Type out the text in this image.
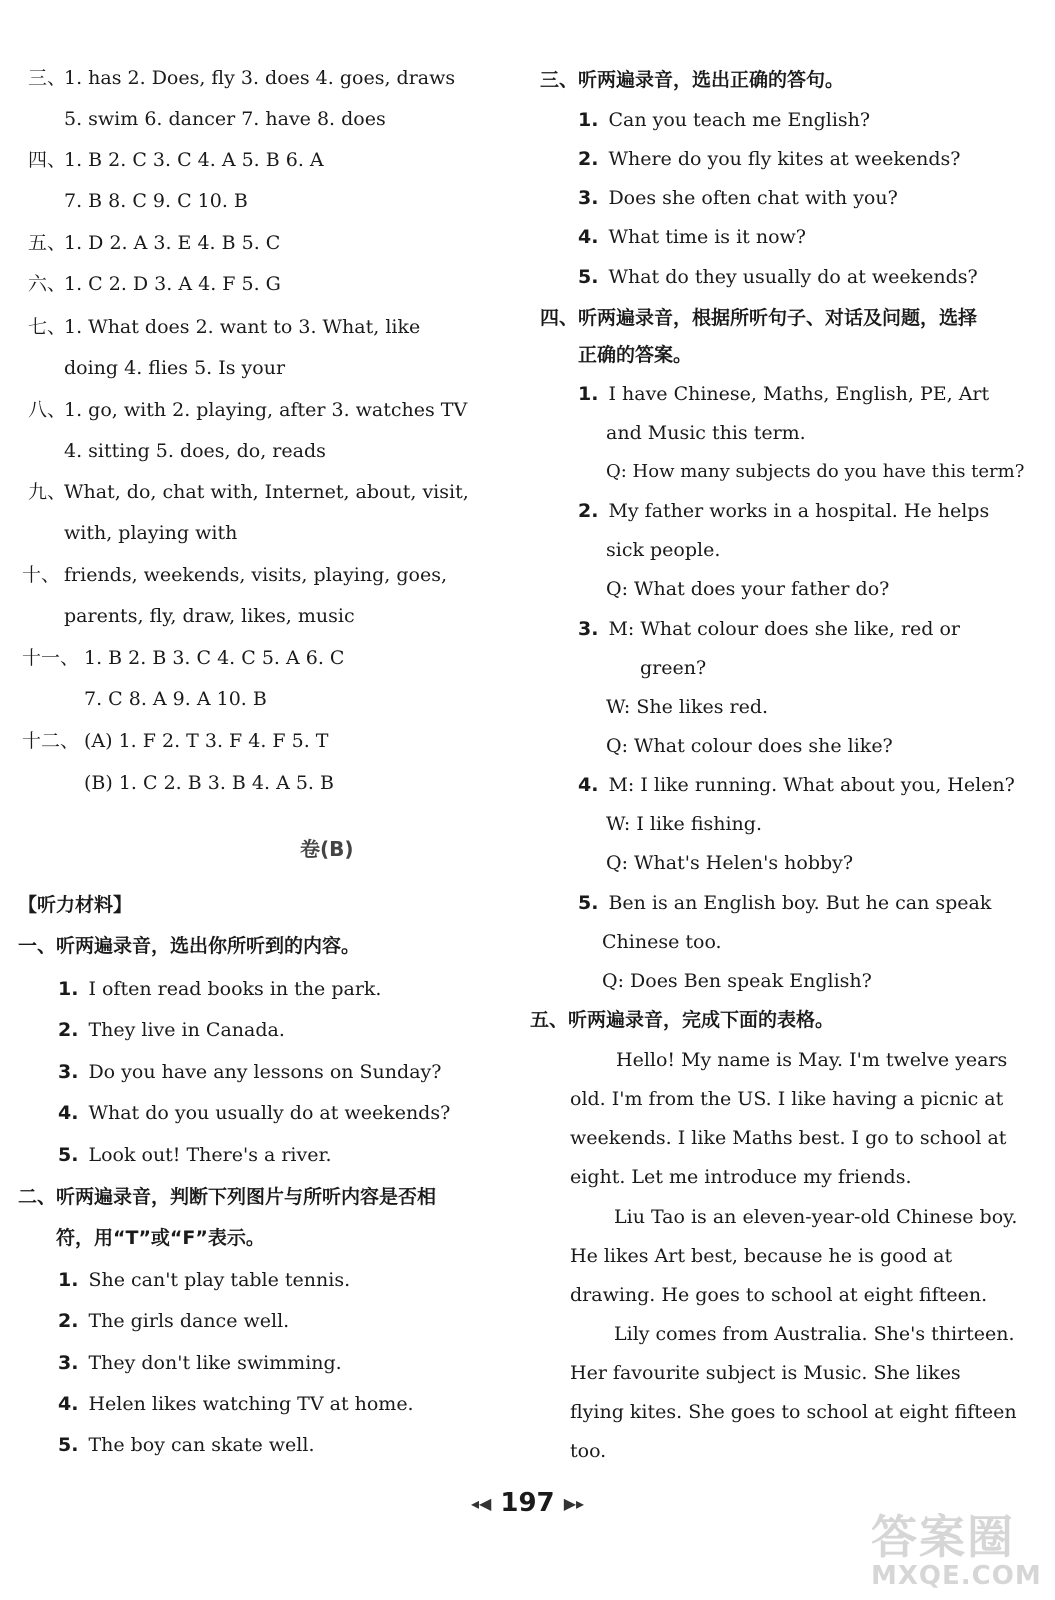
三、
1. has 2. Does, fly 3. does 4. goes, draws
5. swim 6. dancer 7. have 8. does
四、
1. B 2. C 3. C 4. A 5. B 6. A
7. B 8. C 9. C 10. B
五、
1. D 2. A 3. E 4. B 5. C
六、
1. C 2. D 3. A 4. F 5. G
七、
1. What does 2. want to 3. What, like
doing 4. flies 5. Is your
八、
1. go, with 2. playing, after 3. watches TV
4. sitting 5. does, do, reads
九、
What, do, chat with, Internet, about, visit,
with, playing with
十、 friends, weekends, visits, playing, goes,
parents, fly, draw, likes, music
十一、 1. B 2. B 3. C 4. C 5. A 6. C
7. C 8. A 9. A 10. B
十二、 (A) 1. F 2. T 3. F 4. F 5. T
(B) 1. C 2. B 3. B 4. A 5. B
卷(B)
【听力材料】
一、听两遍录音，选出你所听到的内容。
1. I often read books in the park.
2. They live in Canada.
3. Do you have any lessons on Sunday?
4. What do you usually do at weekends?
5. Look out! There's a river.
二、听两遍录音，判断下列图片与所听内容是否相
符，用“T”或“F”表示。
1. She can't play table tennis.
2. The girls dance well.
3. They don't like swimming.
4. Helen likes watching TV at home.
5. The boy can skate well.
三、听两遍录音，选出正确的答句。
1. Can you teach me English?
2. Where do you fly kites at weekends?
3. Does she often chat with you?
4. What time is it now?
5. What do they usually do at weekends?
四、听两遍录音，根据所听句子、对话及问题，选择
正确的答案。
1. I have Chinese, Maths, English, PE, Art
and Music this term.
Q: How many subjects do you have this term?
2. My father works in a hospital. He helps
sick people.
Q: What does your father do?
3. M: What colour does she like, red or
green?
W: She likes red.
Q: What colour does she like?
4. M: I like running. What about you, Helen?
W: I like fishing.
Q: What's Helen's hobby?
5. Ben is an English boy. But he can speak
Chinese too.
Q: Does Ben speak English?
五、听两遍录音，完成下面的表格。
Hello! My name is May. I'm twelve years
old. I'm from the US. I like having a picnic at
weekends. I like Maths best. I go to school at
eight. Let me introduce my friends.
Liu Tao is an eleven-year-old Chinese boy.
He likes Art best, because he is good at
drawing. He goes to school at eight fifteen.
Lily comes from Australia. She's thirteen.
Her favourite subject is Music. She likes
flying kites. She goes to school at eight fifteen
too.
◂◀ 197 ▶▸
答案圈
MXQE.COM
